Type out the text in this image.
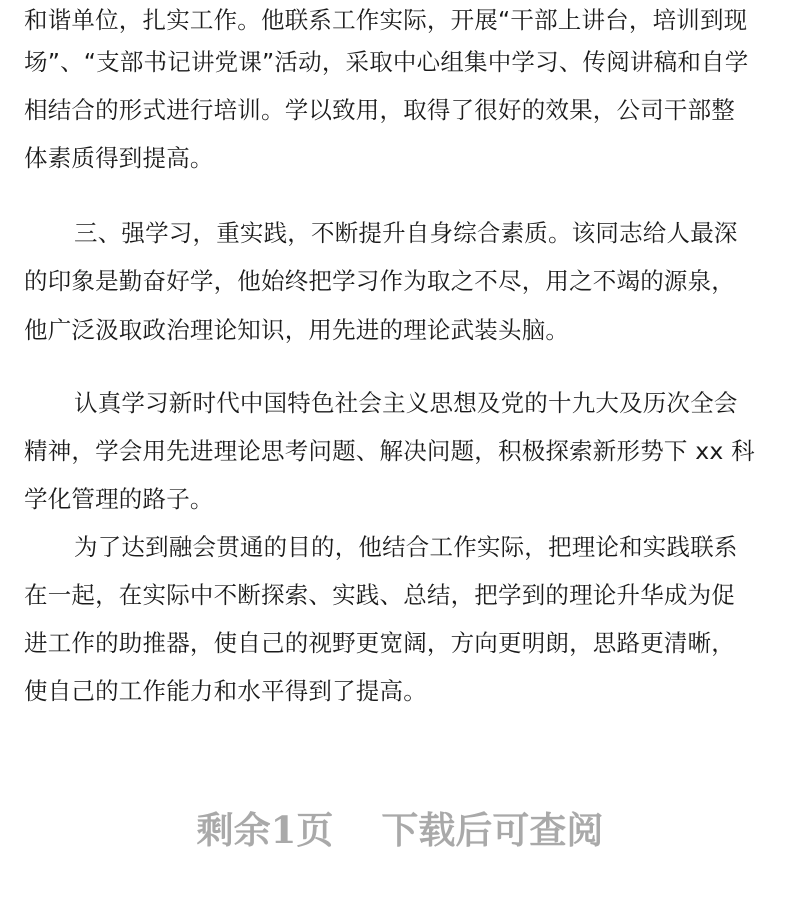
和谐单位，扎实工作。他联系工作实际，开展“干部上讲台，培训到现
场”、“支部书记讲党课”活动，采取中心组集中学习、传阅讲稿和自学
相结合的形式进行培训。学以致用，取得了很好的效果，公司干部整
体素质得到提高。
三、强学习，重实践，不断提升自身综合素质。该同志给人最深
的印象是勤奋好学，他始终把学习作为取之不尽，用之不竭的源泉，
他广泛汲取政治理论知识，用先进的理论武装头脑。
认真学习新时代中国特色社会主义思想及党的十九大及历次全会
精神，学会用先进理论思考问题、解决问题，积极探索新形势下 xx 科
学化管理的路子。
为了达到融会贯通的目的，他结合工作实际，把理论和实践联系
在一起，在实际中不断探索、实践、总结，把学到的理论升华成为促
进工作的助推器，使自己的视野更宽阔，方向更明朗，思路更清晰，
使自己的工作能力和水平得到了提高。
剩余1页 下载后可查阅
